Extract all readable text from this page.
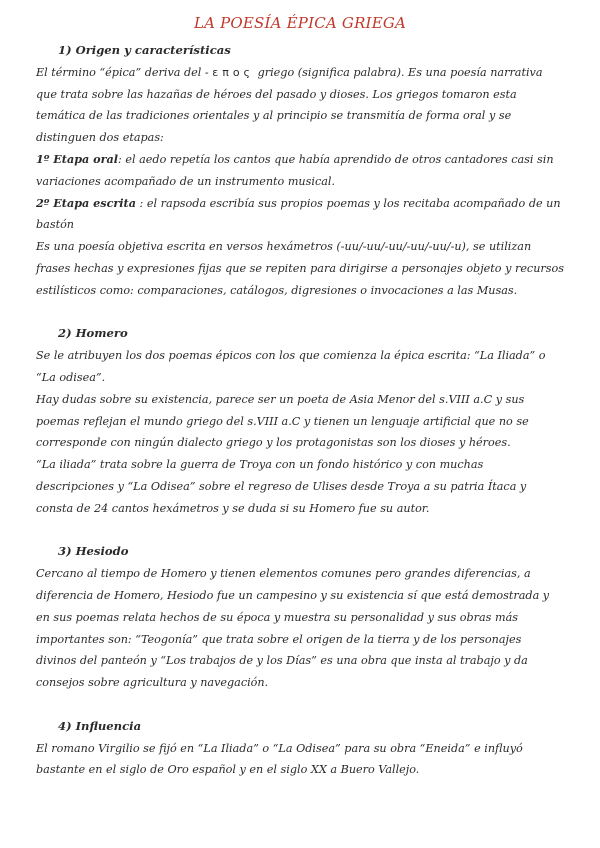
LA POESÍA ÉPICA GRIEGA
1) Origen y características

El término “épica” deriva del - επος griego (significa palabra). Es una poesía narrativa que trata sobre las hazañas de héroes del pasado y dioses. Los griegos tomaron esta temática de las tradiciones orientales y al principio se transmitía de forma oral y se distinguen dos etapas:

1º Etapa oral: el aedo repetía los cantos que había aprendido de otros cantadores casi sin variaciones acompañado de un instrumento musical.

2º Etapa escrita : el rapsoda escribía sus propios poemas y los recitaba acompañado de un bastón

Es una poesía objetiva escrita en versos hexámetros (-uu/-uu/-uu/-uu/-uu/-u), se utilizan frases hechas y expresiones fijas que se repiten para dirigirse a personajes objeto y recursos estilísticos como: comparaciones, catálogos, digresiones o invocaciones a las Musas.

2) Homero

Se le atribuyen los dos poemas épicos con los que comienza la épica escrita: “La Iliada” o “La odisea”.

Hay dudas sobre su existencia, parece ser un poeta de Asia Menor del s.VIII a.C y sus poemas reflejan el mundo griego del s.VIII a.C y tienen un lenguaje artificial que no se corresponde con ningún dialecto griego y los protagonistas son los dioses y héroes.

“La iliada” trata sobre la guerra de Troya con un fondo histórico y con muchas descripciones y “La Odisea” sobre el regreso de Ulises desde Troya a su patria Ítaca y consta de 24 cantos hexámetros y se duda si su Homero fue su autor.

3) Hesiodo

Cercano al tiempo de Homero y tienen elementos comunes pero grandes diferencias, a diferencia de Homero, Hesiodo fue un campesino y su existencia sí que está demostrada y en sus poemas relata hechos de su época y muestra su personalidad y sus obras más importantes son: “Teogonía” que trata sobre el origen de la tierra y de los personajes divinos del panteón y “Los trabajos de y los Días” es una obra que insta al trabajo y da consejos sobre agricultura y navegación.

4) Influencia

El romano Virgilio se fijó en “La Iliada” o “La Odisea” para su obra “Eneida” e influyó bastante en el siglo de Oro español y en el siglo XX a Buero Vallejo.
